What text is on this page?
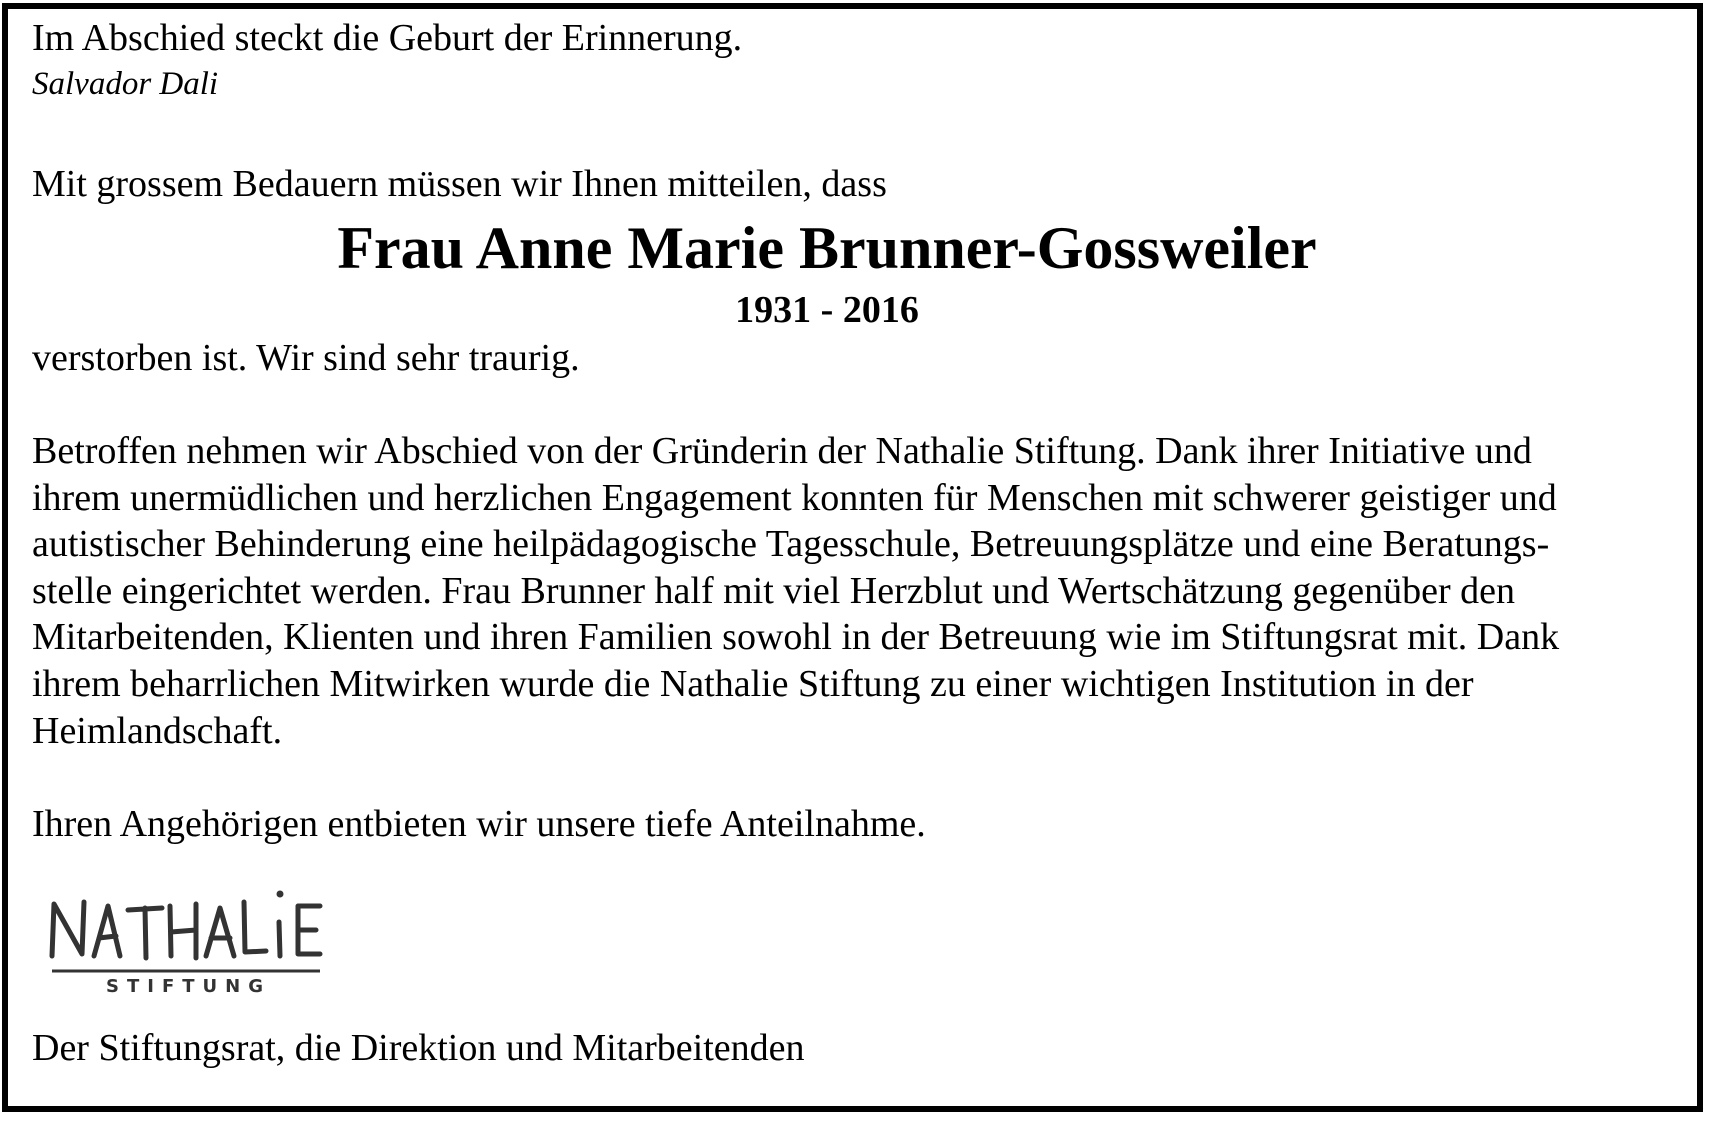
Im Abschied steckt die Geburt der Erinnerung.

Salvador Dali

Mit grossem Bedauern müssen wir Ihnen mitteilen, dass

Frau Anne Marie Brunner-Gossweiler

1931 - 2016

verstorben ist. Wir sind sehr traurig.

Betroffen nehmen wir Abschied von der Gründerin der Nathalie Stiftung. Dank ihrer Initiative und

ihrem unermüdlichen und herzlichen Engagement konnten für Menschen mit schwerer geistiger und

autistischer Behinderung eine heilpädagogische Tagesschule, Betreuungsplätze und eine Beratungs-

stelle eingerichtet werden. Frau Brunner half mit viel Herzblut und Wertschätzung gegenüber den

Mitarbeitenden, Klienten und ihren Familien sowohl in der Betreuung wie im Stiftungsrat mit. Dank

ihrem beharrlichen Mitwirken wurde die Nathalie Stiftung zu einer wichtigen Institution in der

Heimlandschaft.

Ihren Angehörigen entbieten wir unsere tiefe Anteilnahme.

STIFTUNG

Der Stiftungsrat, die Direktion und Mitarbeitenden
